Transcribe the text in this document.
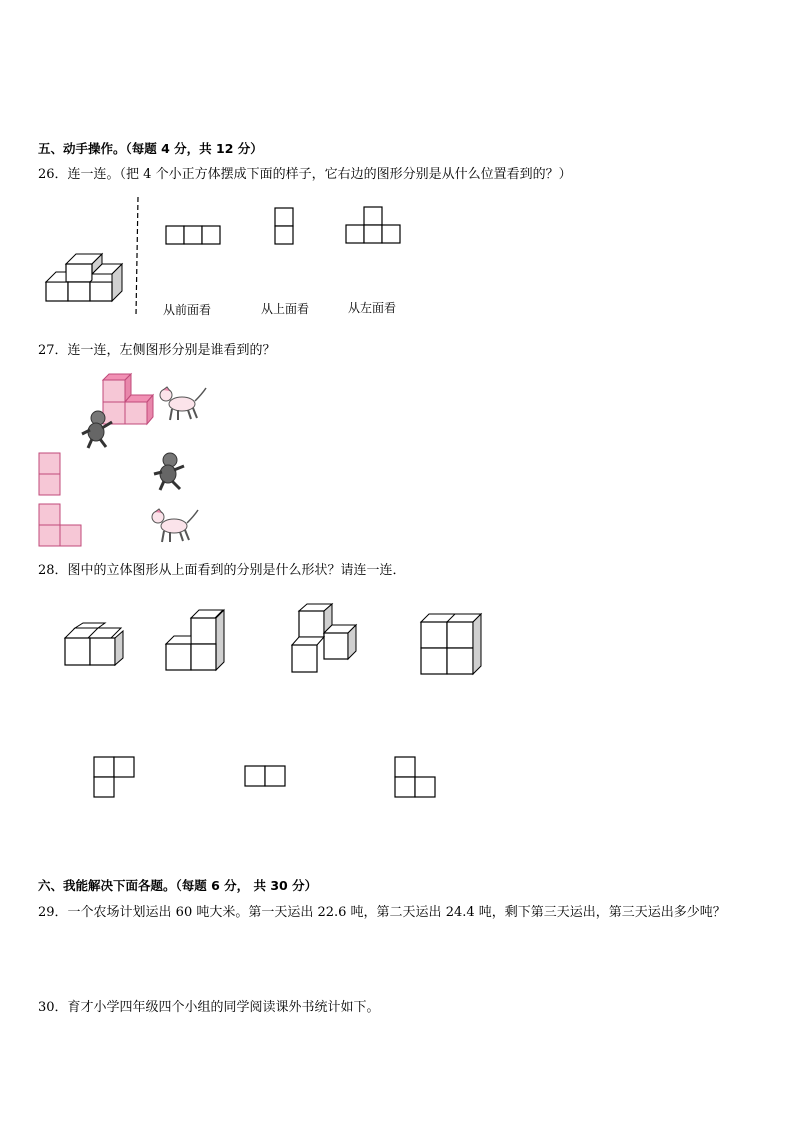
五、动手操作。（每题 4 分，共 12 分）
26．连一连。（把 4 个小正方体摆成下面的样子，它右边的图形分别是从什么位置看到的？）
从前面看	从上面看	从左面看
27．连一连，左侧图形分别是谁看到的？
28．图中的立体图形从上面看到的分别是什么形状？请连一连．
六、我能解决下面各题。（每题 6 分， 共 30 分）
29．一个农场计划运出 60 吨大米。第一天运出 22.6 吨，第二天运出 24.4 吨，剩下第三天运出，第三天运出多少吨？
30．育才小学四年级四个小组的同学阅读课外书统计如下。
